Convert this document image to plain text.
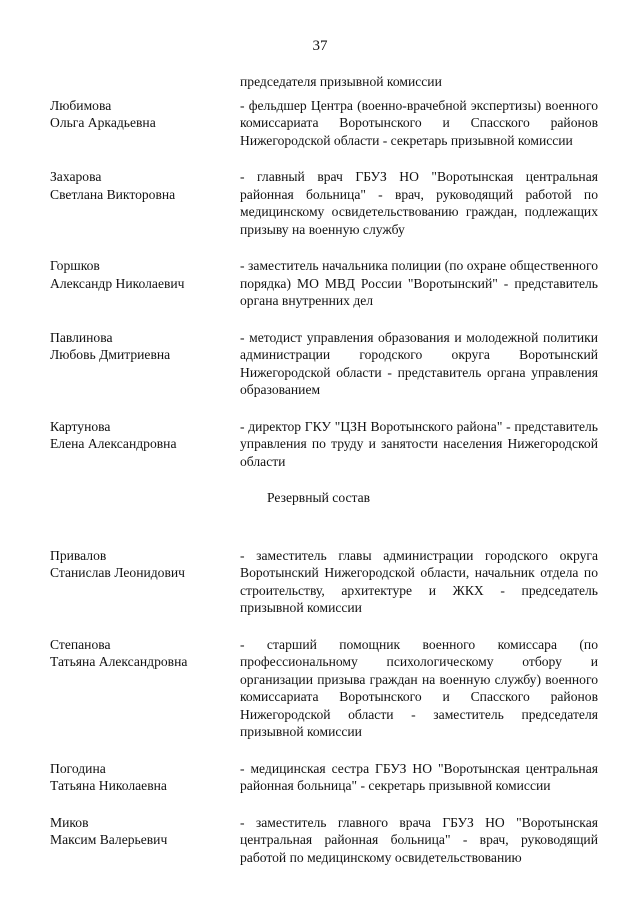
37
председателя призывной комиссии
Любимова
Ольга Аркадьевна
- фельдшер Центра (военно-врачебной экспертизы) военного комиссариата Воротынского и Спасского районов Нижегородской области - секретарь призывной комиссии
Захарова
Светлана Викторовна
- главный врач ГБУЗ НО "Воротынская центральная районная больница" - врач, руководящий работой по медицинскому освидетельствованию граждан, подлежащих призыву на военную службу
Горшков
Александр Николаевич
- заместитель начальника полиции (по охране общественного порядка) МО МВД России "Воротынский" - представитель органа внутренних дел
Павлинова
Любовь Дмитриевна
- методист управления образования и молодежной политики администрации городского округа Воротынский Нижегородской области - представитель органа управления образованием
Картунова
Елена Александровна
- директор ГКУ "ЦЗН Воротынского района" - представитель управления по труду и занятости населения Нижегородской области
Резервный состав
Привалов
Станислав Леонидович
- заместитель главы администрации городского округа Воротынский Нижегородской области, начальник отдела по строительству, архитектуре и ЖКХ - председатель призывной комиссии
Степанова
Татьяна Александровна
- старший помощник военного комиссара (по профессиональному психологическому отбору и организации призыва граждан на военную службу) военного комиссариата Воротынского и Спасского районов Нижегородской области - заместитель председателя призывной комиссии
Погодина
Татьяна Николаевна
- медицинская сестра ГБУЗ НО "Воротынская центральная районная больница" - секретарь призывной комиссии
Миков
Максим Валерьевич
- заместитель главного врача ГБУЗ НО "Воротынская центральная районная больница" - врач, руководящий работой по медицинскому освидетельствованию
